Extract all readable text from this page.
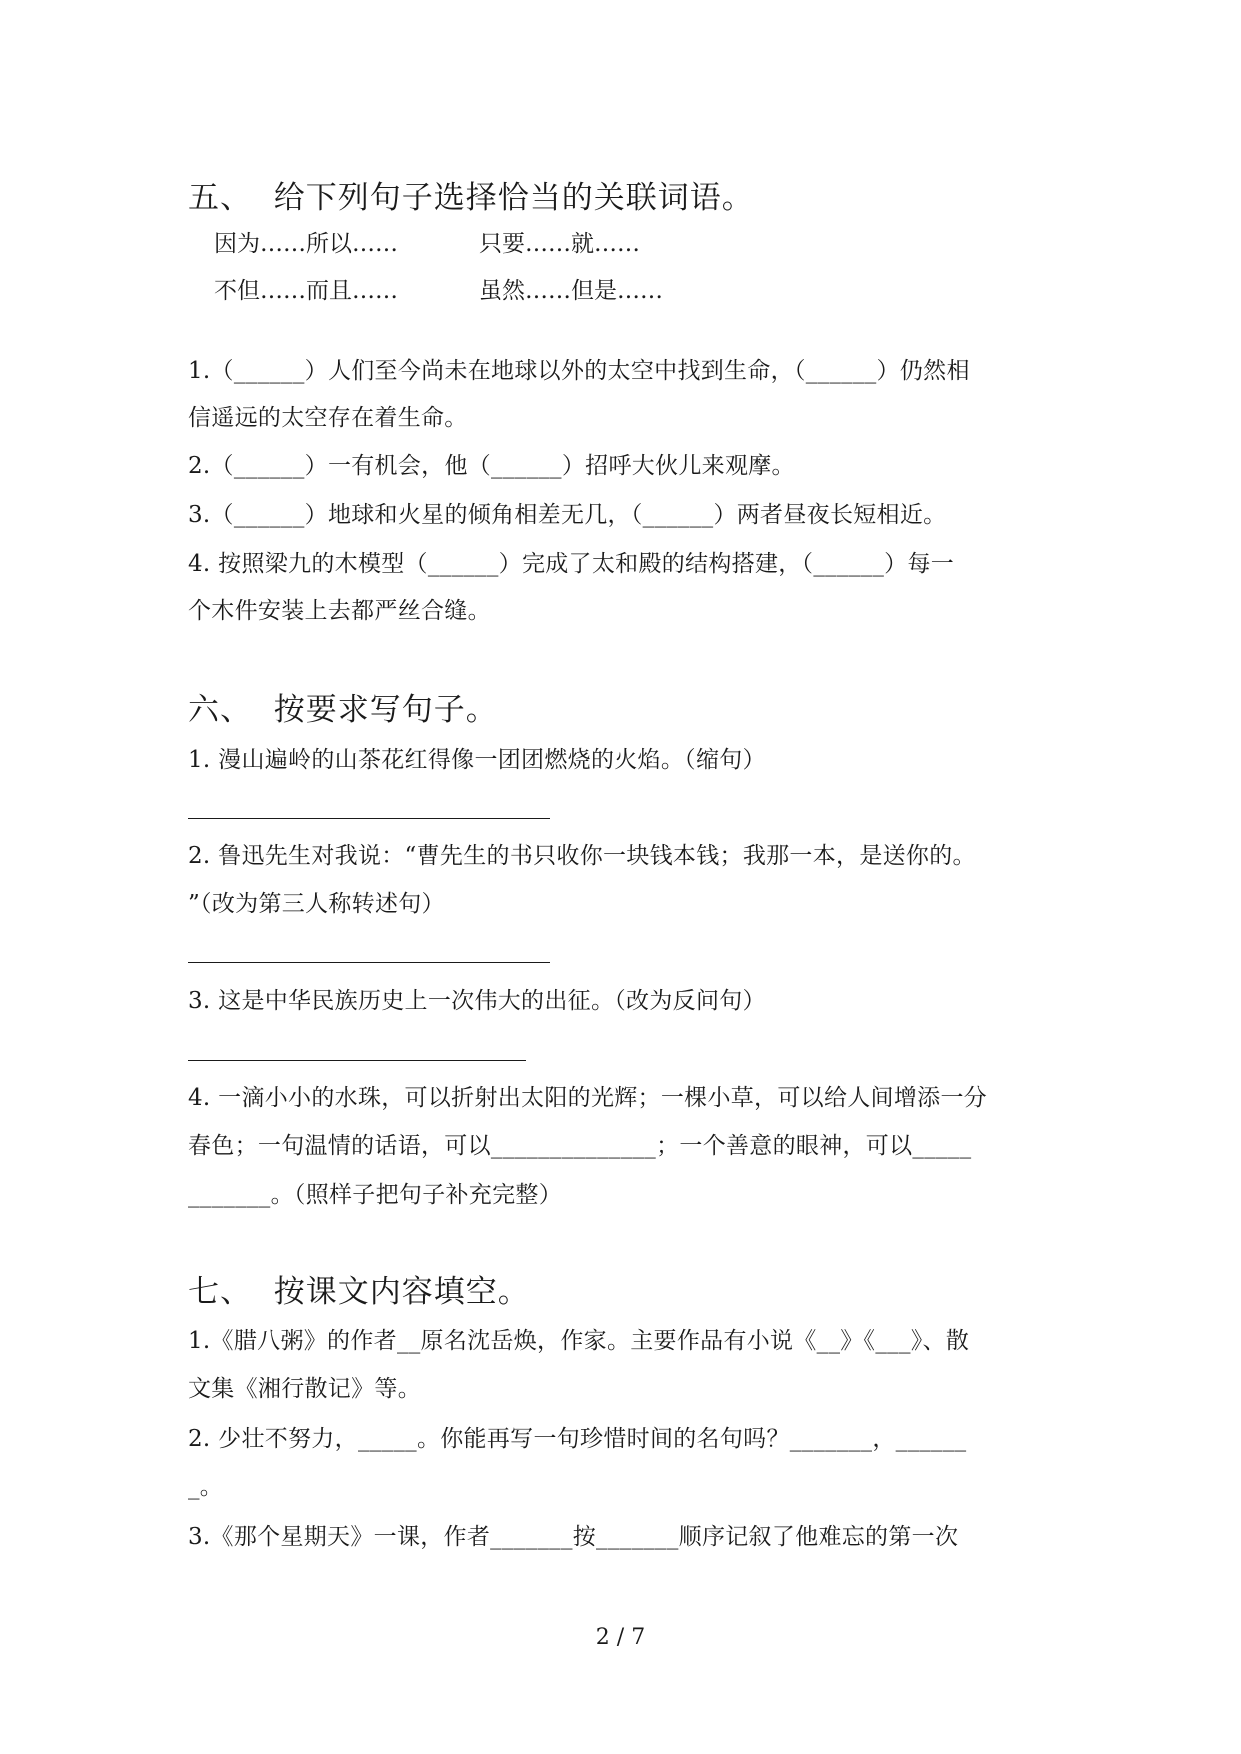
五、  给下列句子选择恰当的关联词语。
因为……所以……	只要……就……
不但……而且……	虽然……但是……
1.（______）人们至今尚未在地球以外的太空中找到生命，（______）仍然相
信遥远的太空存在着生命。
2.（______）一有机会，他（______）招呼大伙儿来观摩。
3.（______）地球和火星的倾角相差无几，（______）两者昼夜长短相近。
4. 按照梁九的木模型（______）完成了太和殿的结构搭建，（______）每一
个木件安装上去都严丝合缝。
六、  按要求写句子。
1. 漫山遍岭的山茶花红得像一团团燃烧的火焰。（缩句）
2. 鲁迅先生对我说：“曹先生的书只收你一块钱本钱；我那一本，是送你的。
”（改为第三人称转述句）
3. 这是中华民族历史上一次伟大的出征。（改为反问句）
4. 一滴小小的水珠，可以折射出太阳的光辉；一棵小草，可以给人间增添一分
春色；一句温情的话语，可以______________；一个善意的眼神，可以_____
_______。（照样子把句子补充完整）
七、  按课文内容填空。
1.《腊八粥》的作者__原名沈岳焕，作家。主要作品有小说《__》《___》、散
文集《湘行散记》等。
2. 少壮不努力，_____。你能再写一句珍惜时间的名句吗？_______，______
_。
3.《那个星期天》一课，作者_______按_______顺序记叙了他难忘的第一次
2 / 7
